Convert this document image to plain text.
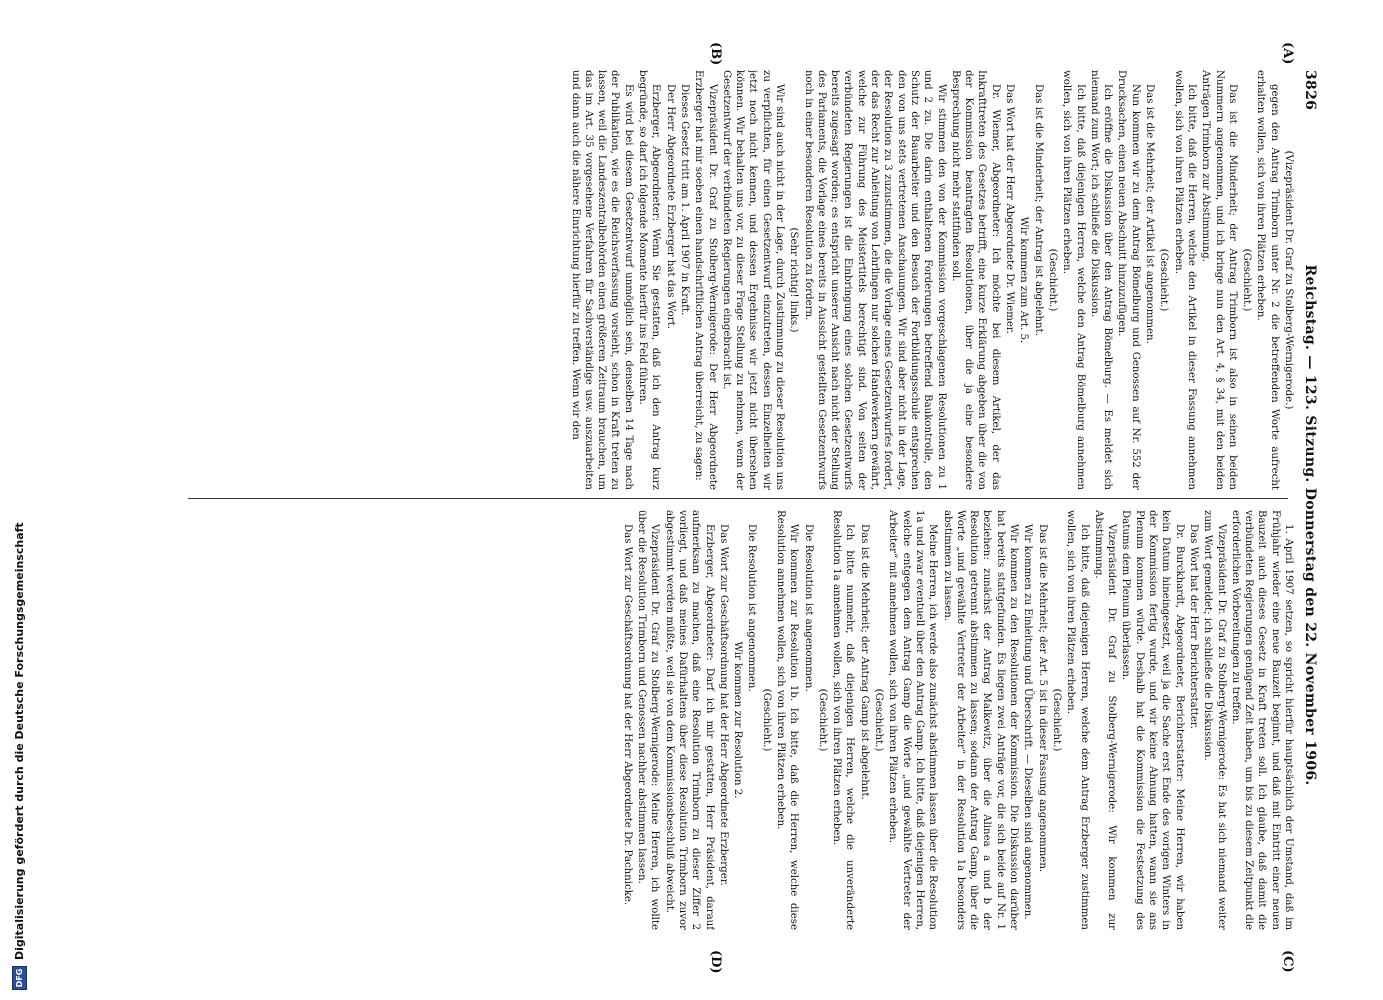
3826
Reichstag. — 123. Sitzung. Donnerstag den 22. November 1906.
(A)
(B)
(C)
(D)

(Vizepräsident Dr. Graf zu Stolberg-Wernigerode.)

gegen den Antrag Trimborn unter Nr. 2 die betreffenden Worte aufrecht erhalten wollen, sich von ihren Plätzen erheben.

(Geschieht.)

Das ist die Minderheit; der Antrag Trimborn ist also in seinen beiden Nummern angenommen, und ich bringe nun den Art. 4, § 34, mit den beiden Anträgen Trimborn zur Abstimmung.

Ich bitte, daß die Herren, welche den Artikel in dieser Fassung annehmen wollen, sich von ihren Plätzen erheben.

(Geschieht.)

Das ist die Mehrheit; der Artikel ist angenommen.

Nun kommen wir zu dem Antrag Bömelburg und Genossen auf Nr. 552 der Drucksachen, einen neuen Abschnitt hinzuzufügen.

Ich eröffne die Diskussion über den Antrag Bömelburg. — Es meldet sich niemand zum Wort; ich schließe die Diskussion.

Ich bitte, daß diejenigen Herren, welche den Antrag Bömelburg annehmen wollen, sich von ihren Plätzen erheben.

(Geschieht.)

Das ist die Minderheit; der Antrag ist abgelehnt.

Wir kommen zum Art. 5.

Das Wort hat der Herr Abgeordnete Dr. Wiemer.

Dr. Wiemer, Abgeordneter: Ich möchte bei diesem Artikel, der das Inkrafttreten des Gesetzes betrifft, eine kurze Erklärung abgeben über die von der Kommission beantragten Resolutionen, über die ja eine besondere Besprechung nicht mehr stattfinden soll.

Wir stimmen den von der Kommission vorgeschlagenen Resolutionen zu 1 und 2 zu. Die darin enthaltenen Forderungen betreffend Baukontrolle, den Schutz der Bauarbeiter und den Besuch der Fortbildungsschule entsprechen den von uns stets vertretenen Anschauungen. Wir sind aber nicht in der Lage, der Resolution zu 3 zuzustimmen, die die Vorlage eines Gesetzentwurfes fordert, der das Recht zur Anleitung von Lehrlingen nur solchen Handwerkern gewährt, welche zur Führung des Meistertitels berechtigt sind. Von seiten der verbündeten Regierungen ist die Einbringung eines solchen Gesetzentwurfs bereits zugesagt worden; es entspricht unserer Ansicht nach nicht der Stellung des Parlaments, die Vorlage eines bereits in Aussicht gestellten Gesetzentwurfs noch in einer besonderen Resolution zu fordern.

(Sehr richtig! links.)

Wir sind auch nicht in der Lage, durch Zustimmung zu dieser Resolution uns zu verpflichten, für einen Gesetzentwurf einzutreten, dessen Einzelheiten wir jetzt noch nicht kennen, und dessen Ergebnisse wir jetzt nicht übersehen können. Wir behalten uns vor, zu dieser Frage Stellung zu nehmen, wenn der Gesetzentwurf der verbündeten Regierungen eingebracht ist.

Vizepräsident Dr. Graf zu Stolberg-Wernigerode: Der Herr Abgeordnete Erzberger hat mir soeben einen handschriftlichen Antrag überreicht, zu sagen:

Dieses Gesetz tritt am 1. April 1907 in Kraft.

Der Herr Abgeordnete Erzberger hat das Wort.

Erzberger, Abgeordneter: Wenn Sie gestatten, daß ich den Antrag kurz begründe, so darf ich folgende Momente hierfür ins Feld führen.

Es wird bei diesem Gesetzentwurf unmöglich sein, denselben 14 Tage nach der Publikation, wie es die Reichsverfassung vorsieht, schon in Kraft treten zu lassen, weil die Landeszentralbehörden einen größeren Zeitraum brauchen, um das im Art. 35 vorgesehene Verfahren für Sachverständige usw. auszuarbeiten und dann auch die nähere Einrichtung hierfür zu treffen. Wenn wir den

1. April 1907 setzen, so spricht hierfür hauptsächlich der Umstand, daß im Frühjahr wieder eine neue Bauzeit beginnt, und daß mit Eintritt einer neuen Bauzeit auch dieses Gesetz in Kraft treten soll. Ich glaube, daß damit die verbündeten Regierungen genügend Zeit haben, um bis zu diesem Zeitpunkt die erforderlichen Vorbereitungen zu treffen.

Vizepräsident Dr. Graf zu Stolberg-Wernigerode: Es hat sich niemand weiter zum Wort gemeldet; ich schließe die Diskussion.

Das Wort hat der Herr Berichterstatter.

Dr. Burckhardt, Abgeordneter, Berichterstatter: Meine Herren, wir haben kein Datum hineingesetzt, weil ja die Sache erst Ende des vorigen Winters in der Kommission fertig wurde, und wir keine Ahnung hatten, wann sie ans Plenum kommen würde. Deshalb hat die Kommission die Festsetzung des Datums dem Plenum überlassen.

Vizepräsident Dr. Graf zu Stolberg-Wernigerode: Wir kommen zur Abstimmung.

Ich bitte, daß diejenigen Herren, welche dem Antrag Erzberger zustimmen wollen, sich von ihren Plätzen erheben.

(Geschieht.)

Das ist die Mehrheit; der Art. 5 ist in dieser Fassung angenommen.

Wir kommen zu Einleitung und Überschrift. — Dieselben sind angenommen.

Wir kommen zu den Resolutionen der Kommission. Die Diskussion darüber hat bereits stattgefunden. Es liegen zwei Anträge vor, die sich beide auf Nr. 1 beziehen: zunächst der Antrag Malkewitz, über die Alinea a und b der Resolution getrennt abstimmen zu lassen; sodann der Antrag Gamp, über die Worte „und gewählte Vertreter der Arbeiter“ in der Resolution 1a besonders abstimmen zu lassen.

Meine Herren, ich werde also zunächst abstimmen lassen über die Resolution 1a und zwar eventuell über den Antrag Gamp. Ich bitte, daß diejenigen Herren, welche entgegen dem Antrag Gamp die Worte „und gewählte Vertreter der Arbeiter“ mit annehmen wollen, sich von ihren Plätzen erheben.

(Geschieht.)

Das ist die Mehrheit; der Antrag Gamp ist abgelehnt.

Ich bitte nunmehr, daß diejenigen Herren, welche die unveränderte Resolution 1a annehmen wollen, sich von ihren Plätzen erheben.

(Geschieht.)

Die Resolution ist angenommen.

Wir kommen zur Resolution 1b. Ich bitte, daß die Herren, welche diese Resolution annehmen wollen, sich von ihren Plätzen erheben.

(Geschieht.)

Die Resolution ist angenommen.

Wir kommen zur Resolution 2.

Das Wort zur Geschäftsordnung hat der Herr Abgeordnete Erzberger.

Erzberger, Abgeordneter: Darf ich mir gestatten, Herr Präsident, darauf aufmerksam zu machen, daß eine Resolution Trimborn zu dieser Ziffer 2 vorliegt, und daß meines Dafürhaltens über diese Resolution Trimborn zuvor abgestimmt werden müßte, weil sie von dem Kommissionsbeschluß abweicht.

Vizepräsident Dr. Graf zu Stolberg-Wernigerode: Meine Herren, ich wollte über die Resolution Trimborn und Genossen nachher abstimmen lassen.

Das Wort zur Geschäftsordnung hat der Herr Abgeordnete Dr. Pachnicke.

DFG
Digitalisierung gefördert durch die Deutsche Forschungsgemeinschaft
